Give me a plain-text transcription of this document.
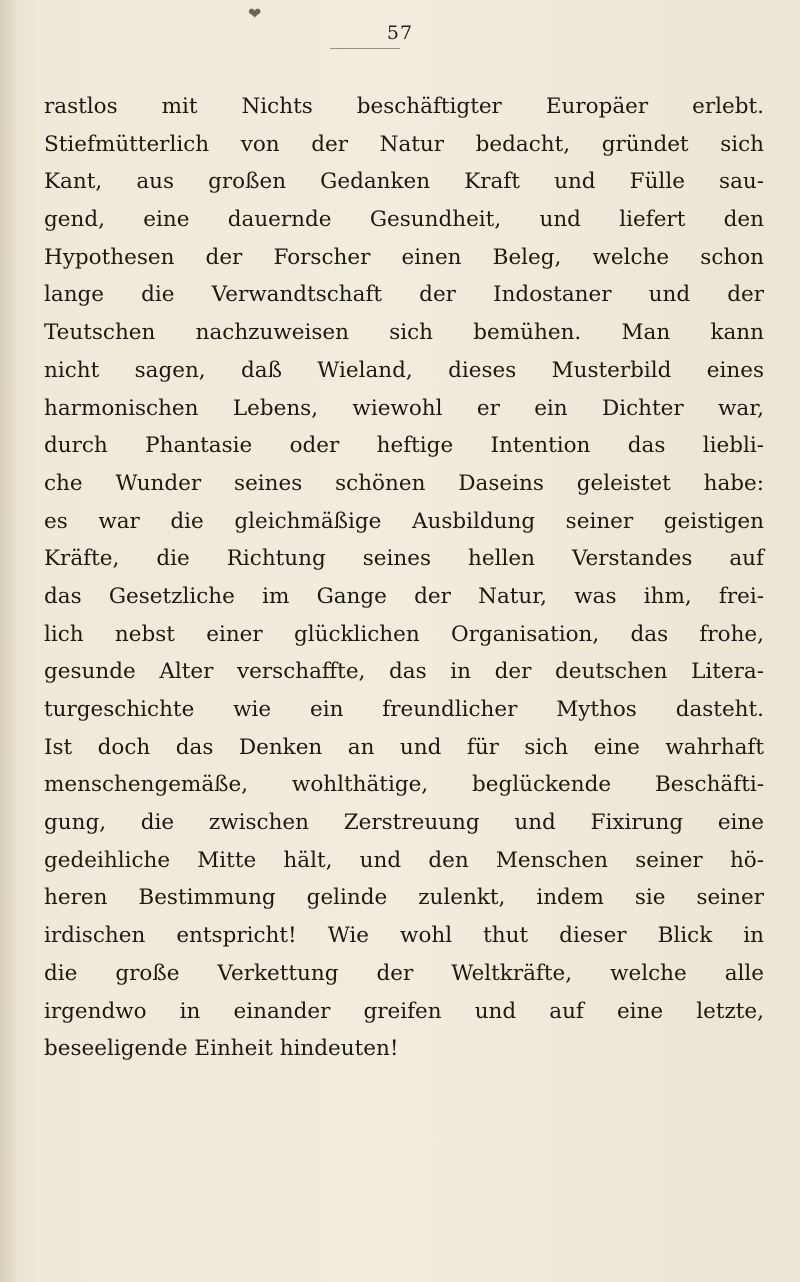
❤
57
rastlos mit Nichts beschäftigter Europäer erlebt.
Stiefmütterlich von der Natur bedacht, gründet sich
Kant, aus großen Gedanken Kraft und Fülle sau-
gend, eine dauernde Gesundheit, und liefert den
Hypothesen der Forscher einen Beleg, welche schon
lange die Verwandtschaft der Indostaner und der
Teutschen nachzuweisen sich bemühen. Man kann
nicht sagen, daß Wieland, dieses Musterbild eines
harmonischen Lebens, wiewohl er ein Dichter war,
durch Phantasie oder heftige Intention das liebli-
che Wunder seines schönen Daseins geleistet habe:
es war die gleichmäßige Ausbildung seiner geistigen
Kräfte, die Richtung seines hellen Verstandes auf
das Gesetzliche im Gange der Natur, was ihm, frei-
lich nebst einer glücklichen Organisation, das frohe,
gesunde Alter verschaffte, das in der deutschen Litera-
turgeschichte wie ein freundlicher Mythos dasteht.
Ist doch das Denken an und für sich eine wahrhaft
menschengemäße, wohlthätige, beglückende Beschäfti-
gung, die zwischen Zerstreuung und Fixirung eine
gedeihliche Mitte hält, und den Menschen seiner hö-
heren Bestimmung gelinde zulenkt, indem sie seiner
irdischen entspricht! Wie wohl thut dieser Blick in
die große Verkettung der Weltkräfte, welche alle
irgendwo in einander greifen und auf eine letzte,
beseeligende Einheit hindeuten!
